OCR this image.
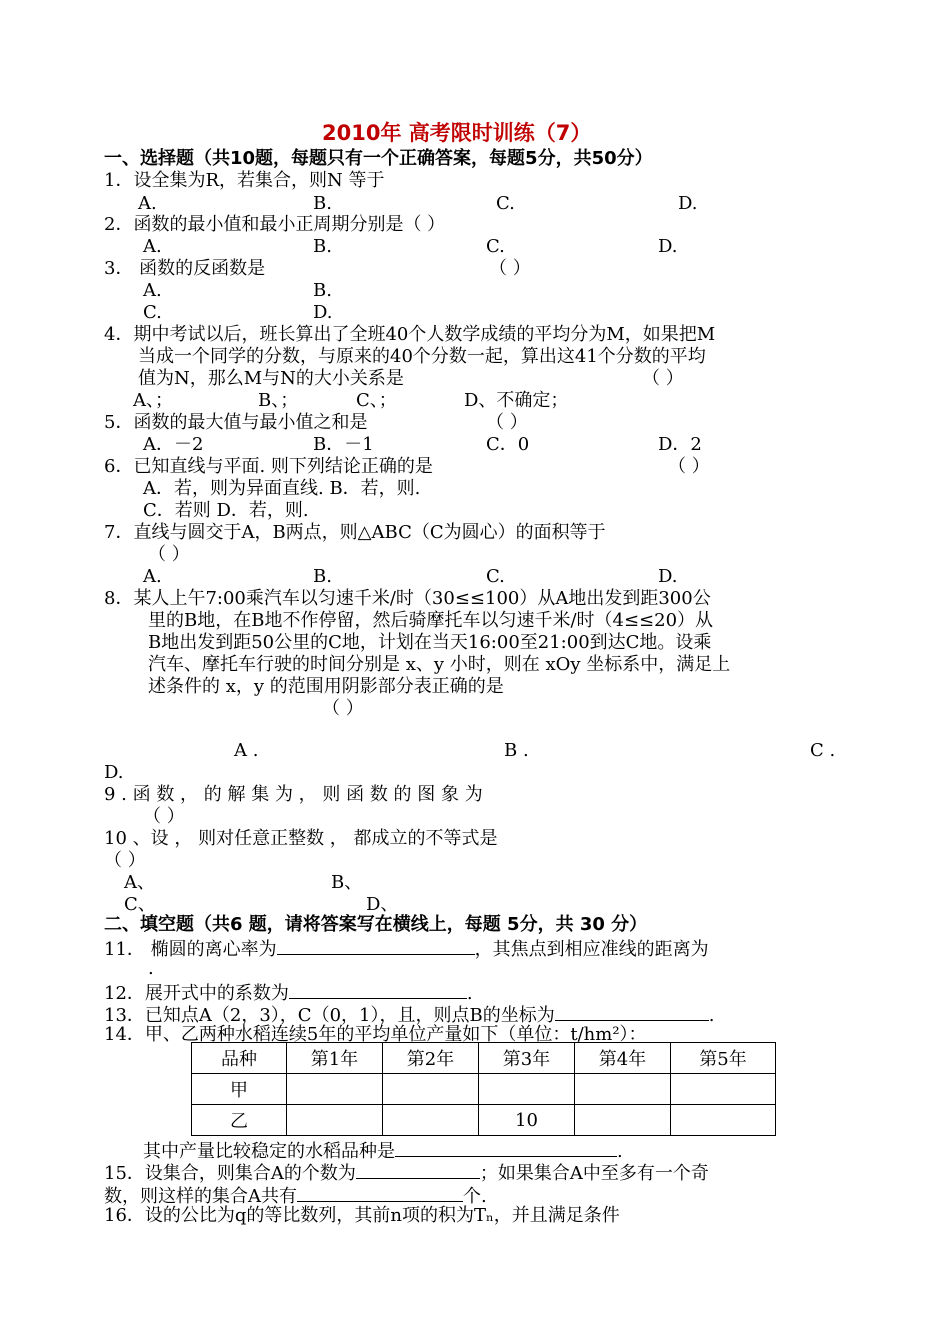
2010年 高考限时训练（7）
一、选择题（共10题，每题只有一个正确答案，每题5分，共50分）
1．设全集为R，若集合，则N 等于
A.	B.	C.	D.
2．函数的最小值和最小正周期分别是（ ）
A.	B.	C.	D.
3． 函数的反函数是	（ ）
A.	B.
C.	D.
4．期中考试以后，班长算出了全班40个人数学成绩的平均分为M，如果把M
当成一个同学的分数，与原来的40个分数一起，算出这41个分数的平均
值为N，那么M与N的大小关系是	（ ）
A、；	B、；	C、；	D、不确定；
5．函数的最大值与最小值之和是	（ ）
A．－2	B．－1	C．0	D．2
6．已知直线与平面. 则下列结论正确的是	（ ）
A．若，则为异面直线. B．若，则.
C．若则 D．若，则.
7．直线与圆交于A，B两点，则△ABC（C为圆心）的面积等于
（ ）
A.	B.	C.	D.
8．某人上午7:00乘汽车以匀速千米/时（30≤≤100）从A地出发到距300公
里的B地，在B地不作停留，然后骑摩托车以匀速千米/时（4≤≤20）从
B地出发到距50公里的C地，计划在当天16:00至21:00到达C地。设乘
汽车、摩托车行驶的时间分别是 x、y 小时，则在 xOy 坐标系中，满足上
述条件的 x，y 的范围用阴影部分表正确的是
（ ）
A .	B .	C .
D.
9 . 函 数 ， 的 解 集 为 ， 则 函 数 的 图 象 为
（ ）
10 、设 ， 则对任意正整数 ， 都成立的不等式是
（ ）
A、	B、
C、	D、
二、填空题（共6 题，请将答案写在横线上，每题 5分，共 30 分）
11． 椭圆的离心率为	，其焦点到相应准线的距离为
.
12．展开式中的系数为	.
13．已知点A（2，3），C（0，1），且，则点B的坐标为	.
14．甲、乙两种水稻连续5年的平均单位产量如下（单位：t/hm²）：
品种	第1年	第2年	第3年	第4年	第5年
甲					
乙			10		
其中产量比较稳定的水稻品种是	.
15．设集合，则集合A的个数为	；如果集合A中至多有一个奇
数，则这样的集合A共有	个.
16．设的公比为q的等比数列，其前n项的积为Tₙ，并且满足条件
